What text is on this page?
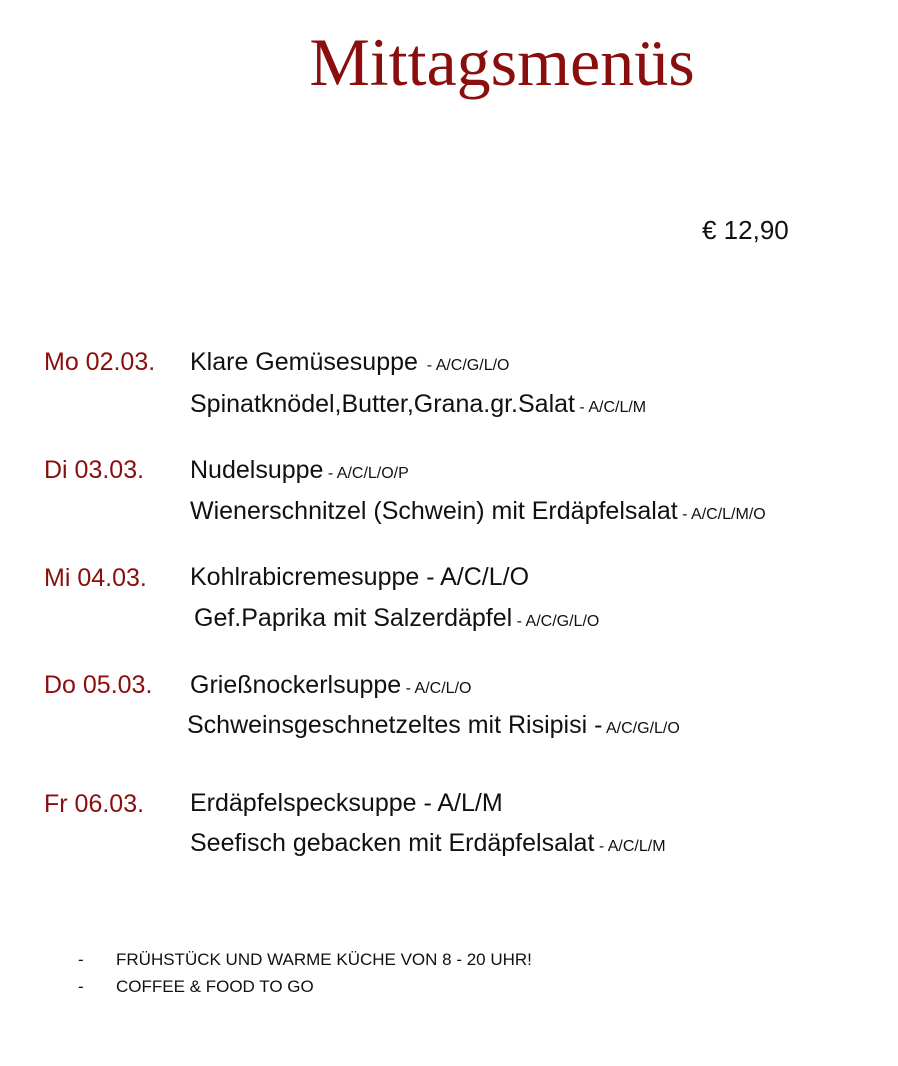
Mittagsmenüs
€ 12,90
Mo 02.03. Klare Gemüsesuppe  - A/C/G/L/O
Spinatknödel,Butter,Grana.gr.Salat - A/C/L/M
Di 03.03. Nudelsuppe - A/C/L/O/P
Wienerschnitzel (Schwein) mit Erdäpfelsalat - A/C/L/M/O
Mi 04.03. Kohlrabicremesuppe - A/C/L/O
Gef.Paprika mit Salzerdäpfel - A/C/G/L/O
Do 05.03. Grießnockerlsuppe - A/C/L/O
Schweinsgeschnetzeltes mit Risipisi - A/C/G/L/O
Fr 06.03. Erdäpfelspecksuppe - A/L/M
Seefisch gebacken mit Erdäpfelsalat - A/C/L/M
- FRÜHSTÜCK UND WARME KÜCHE VON 8 - 20 UHR!
- COFFEE & FOOD TO GO
